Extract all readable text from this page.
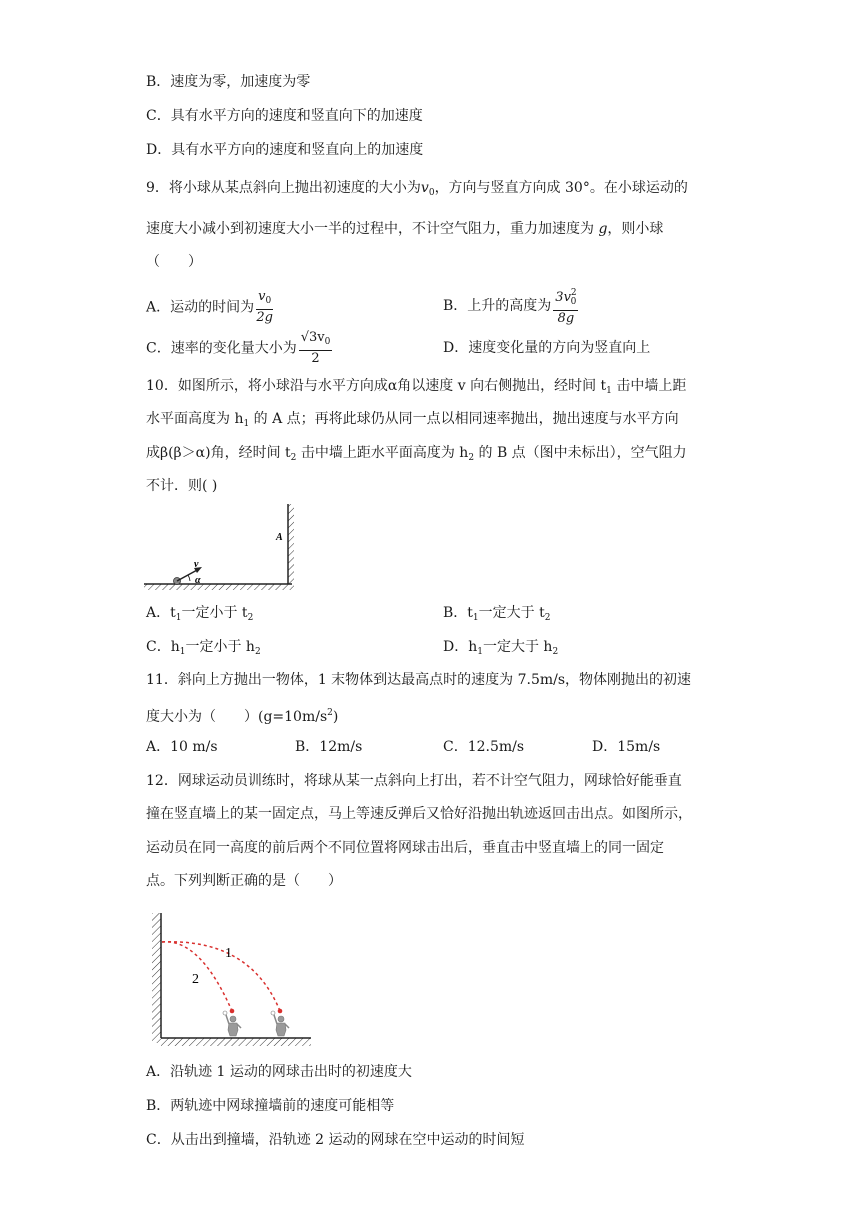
B．速度为零，加速度为零
C．具有水平方向的速度和竖直向下的加速度
D．具有水平方向的速度和竖直向上的加速度
9．将小球从某点斜向上抛出初速度的大小为$v_0$，方向与竖直方向成 30°。在小球运动的
速度大小减小到初速度大小一半的过程中，不计空气阻力，重力加速度为 g，则小球
（　　）
A．运动的时间为 $\frac{v_0}{2g}$	B．上升的高度为 $\frac{3v^2_0}{8g}$
C．速率的变化量大小为 $\frac{√3v_0}{2}$	D．速度变化量的方向为竖直向上
10．如图所示，将小球沿与水平方向成α角以速度 v 向右侧抛出，经时间 $t_1$ 击中墙上距
水平面高度为 $h_1$ 的 A 点；再将此球仍从同一点以相同速率抛出，抛出速度与水平方向
成β(β＞α)角，经时间 $t_2$ 击中墙上距水平面高度为 $h_2$ 的 B 点（图中未标出），空气阻力
不计．则( )
v
α
A
A．$t_1$一定小于 $t_2$	B．$t_1$一定大于 $t_2$
C．$h_1$一定小于 $h_2$	D．$h_1$一定大于 $h_2$
11．斜向上方抛出一物体，1 末物体到达最高点时的速度为 7.5m/s，物体刚抛出的初速
度大小为（　　）$(g=10m/s^2)$
A．10 m/s	B．12m/s	C．12.5m/s	D．15m/s
12．网球运动员训练时，将球从某一点斜向上打出，若不计空气阻力，网球恰好能垂直
撞在竖直墙上的某一固定点，马上等速反弹后又恰好沿抛出轨迹返回击出点。如图所示，
运动员在同一高度的前后两个不同位置将网球击出后，垂直击中竖直墙上的同一固定
点。下列判断正确的是（　　）
1
2
A．沿轨迹 1 运动的网球击出时的初速度大
B．两轨迹中网球撞墙前的速度可能相等
C．从击出到撞墙，沿轨迹 2 运动的网球在空中运动的时间短
